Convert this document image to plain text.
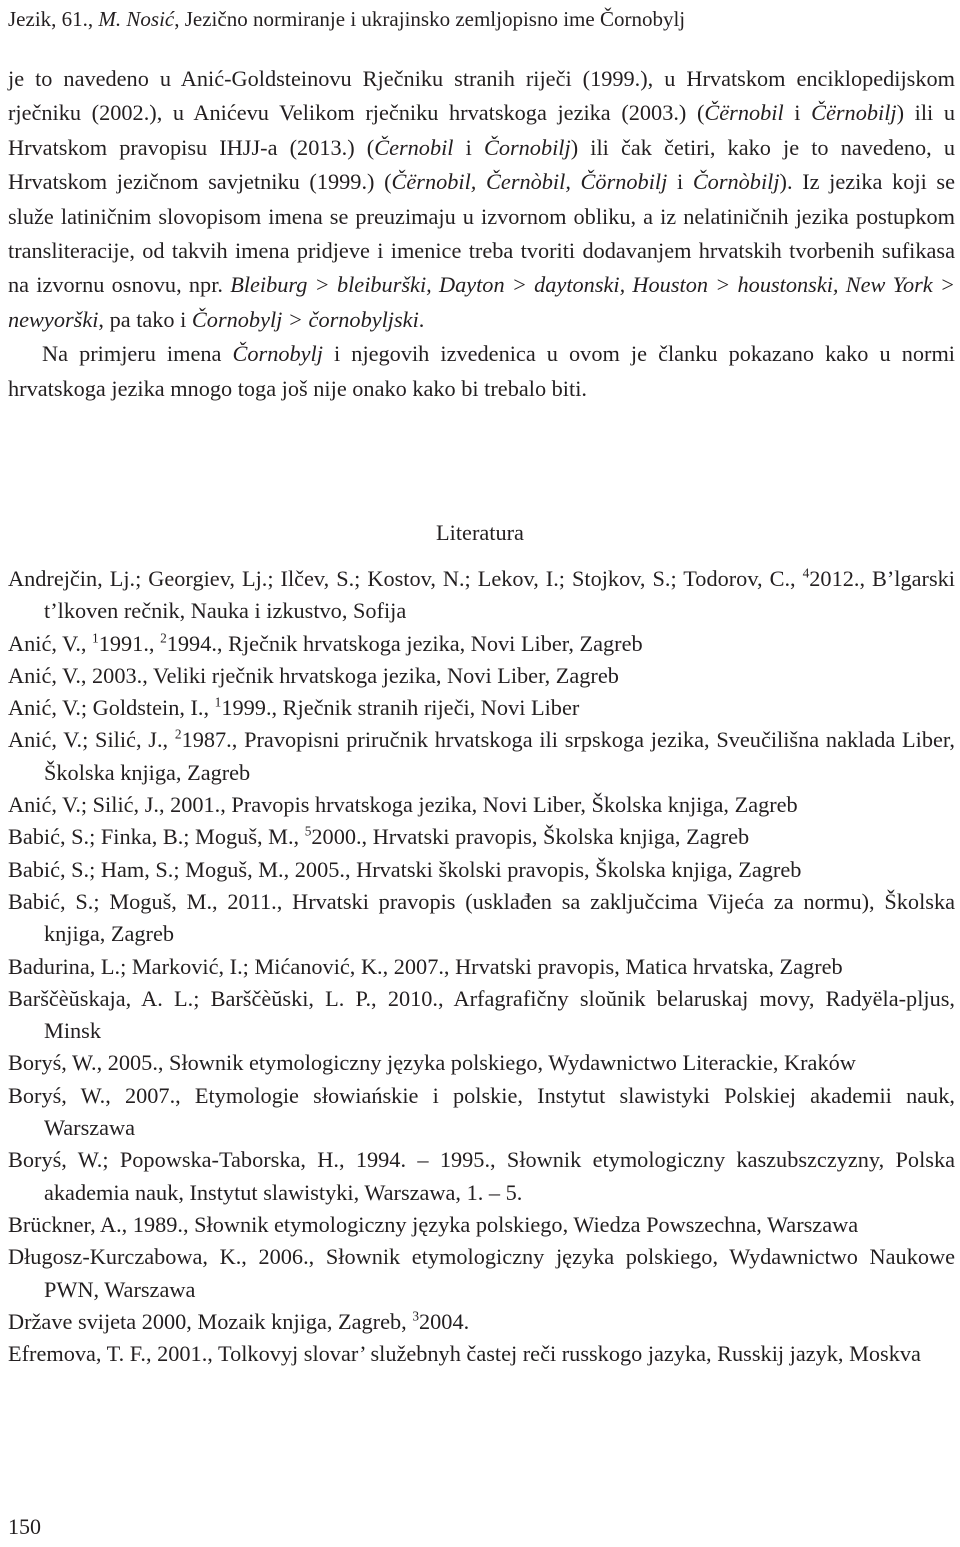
Jezik, 61., M. Nosić, Jezično normiranje i ukrajinsko zemljopisno ime Čornobylj

je to navedeno u Anić-Goldsteinovu Rječniku stranih riječi (1999.), u Hrvatskom enciklopedijskom rječniku (2002.), u Anićevu Velikom rječniku hrvatskoga jezika (2003.) (Čërnobil i Čërnobilj) ili u Hrvatskom pravopisu IHJJ-a (2013.) (Černobil i Čornobilj) ili čak četiri, kako je to navedeno, u Hrvatskom jezičnom savjetniku (1999.) (Čërnobil, Černòbil, Čörnobilj i Čornòbilj). Iz jezika koji se služe latiničnim slovopisom imena se preuzimaju u izvornom obliku, a iz nelatiničnih jezika postupkom transliteracije, od takvih imena pridjeve i imenice treba tvoriti dodavanjem hrvatskih tvorbenih sufikasa na izvornu osnovu, npr. Bleiburg > bleiburški, Dayton > daytonski, Houston > houstonski, New York > newyorški, pa tako i Čornobylj > čornobyljski.

Na primjeru imena Čornobylj i njegovih izvedenica u ovom je članku pokazano kako u normi hrvatskoga jezika mnogo toga još nije onako kako bi trebalo biti.

Literatura
Andrejčin, Lj.; Georgiev, Lj.; Ilčev, S.; Kostov, N.; Lekov, I.; Stojkov, S.; Todorov, C., $^4$2012., B’lgarski t’lkoven rečnik, Nauka i izkustvo, Sofija
Anić, V., $^1$1991., $^2$1994., Rječnik hrvatskoga jezika, Novi Liber, Zagreb
Anić, V., 2003., Veliki rječnik hrvatskoga jezika, Novi Liber, Zagreb
Anić, V.; Goldstein, I., $^1$1999., Rječnik stranih riječi, Novi Liber
Anić, V.; Silić, J., $^2$1987., Pravopisni priručnik hrvatskoga ili srpskoga jezika, Sveučilišna naklada Liber, Školska knjiga, Zagreb
Anić, V.; Silić, J., 2001., Pravopis hrvatskoga jezika, Novi Liber, Školska knjiga, Zagreb
Babić, S.; Finka, B.; Moguš, M., $^5$2000., Hrvatski pravopis, Školska knjiga, Zagreb
Babić, S.; Ham, S.; Moguš, M., 2005., Hrvatski školski pravopis, Školska knjiga, Zagreb
Babić, S.; Moguš, M., 2011., Hrvatski pravopis (usklađen sa zaključcima Vijeća za normu), Školska knjiga, Zagreb
Badurina, L.; Marković, I.; Mićanović, K., 2007., Hrvatski pravopis, Matica hrvatska, Zagreb
Barščèŭskaja, A. L.; Barščèŭski, L. P., 2010., Arfagrafičny sloŭnik belaruskaj movy, Radyëla-pljus, Minsk
Boryś, W., 2005., Słownik etymologiczny języka polskiego, Wydawnictwo Literackie, Kraków
Boryś, W., 2007., Etymologie słowiańskie i polskie, Instytut slawistyki Polskiej akademii nauk, Warszawa
Boryś, W.; Popowska-Taborska, H., 1994. – 1995., Słownik etymologiczny kaszubszczyzny, Polska akademia nauk, Instytut slawistyki, Warszawa, 1. – 5.
Brückner, A., 1989., Słownik etymologiczny języka polskiego, Wiedza Powszechna, Warszawa
Długosz-Kurczabowa, K., 2006., Słownik etymologiczny języka polskiego, Wydawnictwo Naukowe PWN, Warszawa
Države svijeta 2000, Mozaik knjiga, Zagreb, $^3$2004.
Efremova, T. F., 2001., Tolkovyj slovar’ služebnyh častej reči russkogo jazyka, Russkij jazyk, Moskva
150
